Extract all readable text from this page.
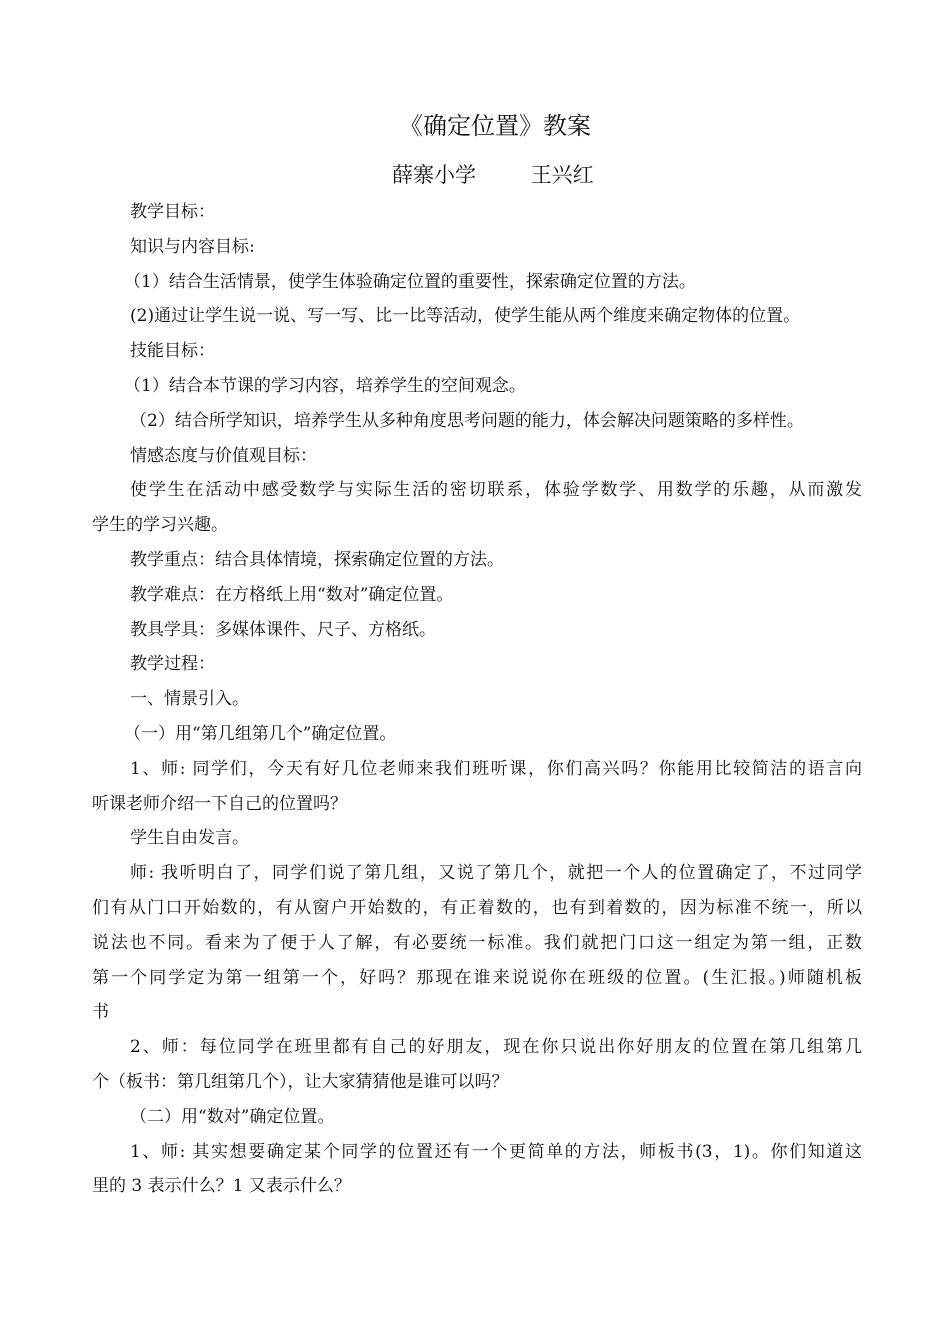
《确定位置》教案
薛寨小学	王兴红
教学目标：
知识与内容目标:
（1）结合生活情景，使学生体验确定位置的重要性，探索确定位置的方法。
(2)通过让学生说一说、写一写、比一比等活动，使学生能从两个维度来确定物体的位置。
技能目标：
（1）结合本节课的学习内容，培养学生的空间观念。
（2）结合所学知识，培养学生从多种角度思考问题的能力，体会解决问题策略的多样性。
情感态度与价值观目标：
使学生在活动中感受数学与实际生活的密切联系，体验学数学、用数学的乐趣，从而激发
学生的学习兴趣。
教学重点：结合具体情境，探索确定位置的方法。
教学难点：在方格纸上用“数对”确定位置。
教具学具：多媒体课件、尺子、方格纸。
教学过程：
一、情景引入。
（一）用“第几组第几个”确定位置。
1、师: 同学们，今天有好几位老师来我们班听课，你们高兴吗？你能用比较简洁的语言向
听课老师介绍一下自己的位置吗？
学生自由发言。
师: 我听明白了，同学们说了第几组，又说了第几个，就把一个人的位置确定了，不过同学
们有从门口开始数的，有从窗户开始数的，有正着数的，也有到着数的，因为标准不统一，所以
说法也不同。看来为了便于人了解，有必要统一标准。我们就把门口这一组定为第一组，正数
第一个同学定为第一组第一个，好吗？那现在谁来说说你在班级的位置。(生汇报。)师随机板
书
2、师：每位同学在班里都有自己的好朋友，现在你只说出你好朋友的位置在第几组第几
个（板书：第几组第几个），让大家猜猜他是谁可以吗？
（二）用“数对”确定位置。
1、师: 其实想要确定某个同学的位置还有一个更简单的方法，师板书(3，1)。你们知道这
里的 3 表示什么？1 又表示什么？
